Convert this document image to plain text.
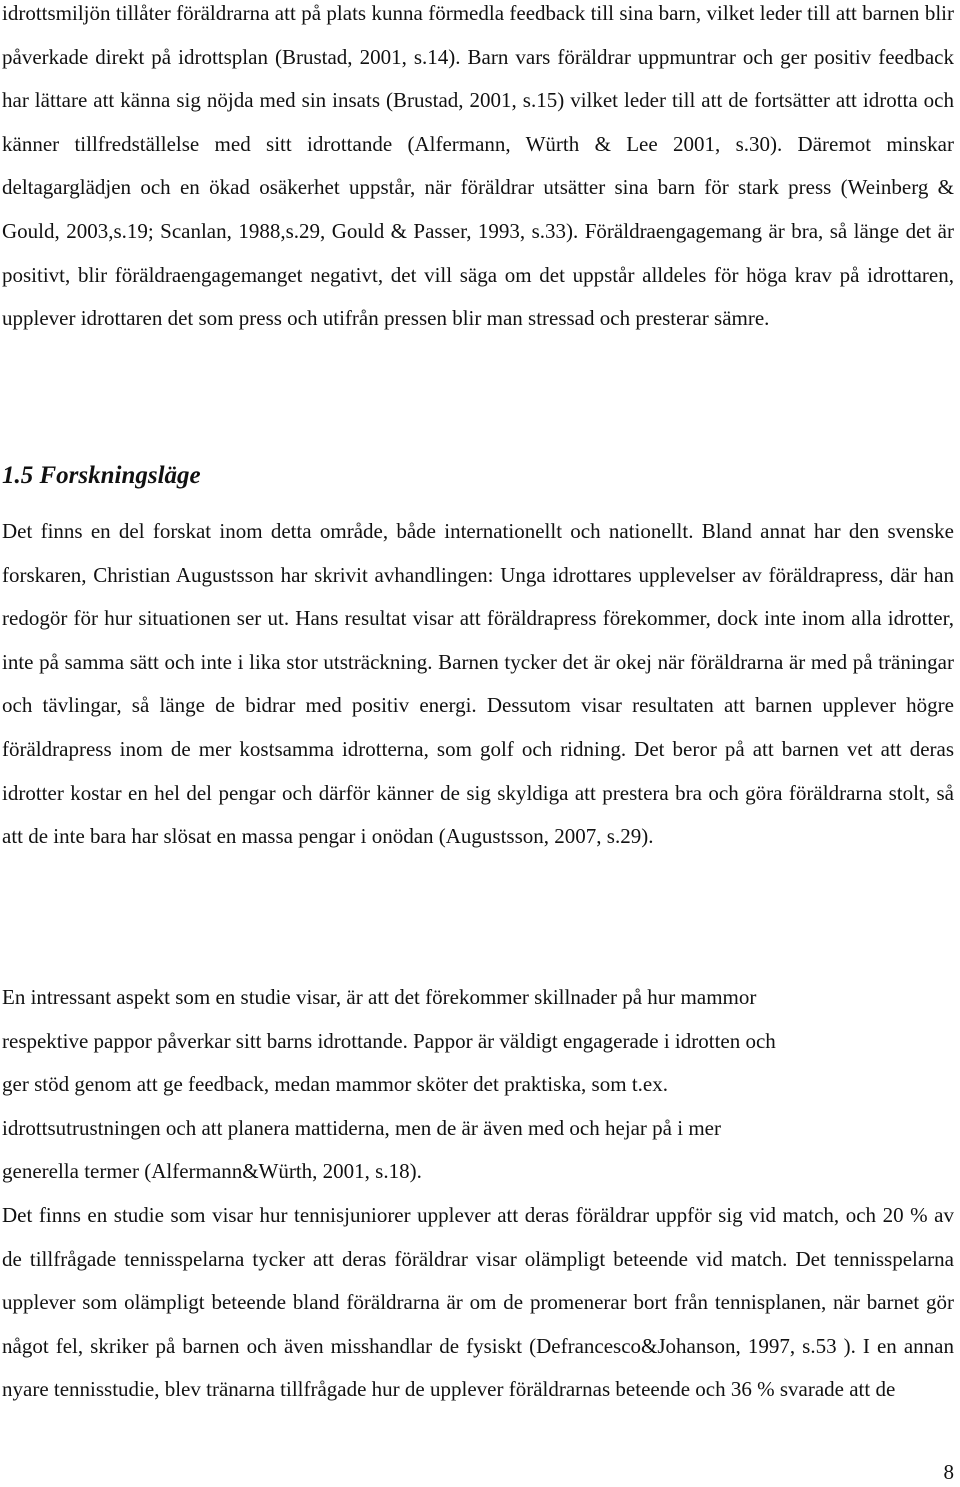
idrottsmiljön tillåter föräldrarna att på plats kunna förmedla feedback till sina barn, vilket leder till att barnen blir påverkade direkt på idrottsplan (Brustad, 2001, s.14). Barn vars föräldrar uppmuntrar och ger positiv feedback har lättare att känna sig nöjda med sin insats (Brustad, 2001, s.15) vilket leder till att de fortsätter att idrotta och känner tillfredställelse med sitt idrottande (Alfermann, Würth & Lee 2001, s.30). Däremot minskar deltagarglädjen och en ökad osäkerhet uppstår, när föräldrar utsätter sina barn för stark press (Weinberg & Gould, 2003,s.19; Scanlan, 1988,s.29, Gould & Passer, 1993, s.33). Föräldraengagemang är bra, så länge det är positivt, blir föräldraengagemanget negativt, det vill säga om det uppstår alldeles för höga krav på idrottaren, upplever idrottaren det som press och utifrån pressen blir man stressad och presterar sämre.

1.5 Forskningsläge

Det finns en del forskat inom detta område, både internationellt och nationellt. Bland annat har den svenske forskaren, Christian Augustsson har skrivit avhandlingen: Unga idrottares upplevelser av föräldrapress, där han redogör för hur situationen ser ut. Hans resultat visar att föräldrapress förekommer, dock inte inom alla idrotter, inte på samma sätt och inte i lika stor utsträckning. Barnen tycker det är okej när föräldrarna är med på träningar och tävlingar, så länge de bidrar med positiv energi. Dessutom visar resultaten att barnen upplever högre föräldrapress inom de mer kostsamma idrotterna, som golf och ridning. Det beror på att barnen vet att deras idrotter kostar en hel del pengar och därför känner de sig skyldiga att prestera bra och göra föräldrarna stolt, så att de inte bara har slösat en massa pengar i onödan (Augustsson, 2007, s.29).

En intressant aspekt som en studie visar, är att det förekommer skillnader på hur mammor
respektive pappor påverkar sitt barns idrottande. Pappor är väldigt engagerade i idrotten och
ger stöd genom att ge feedback, medan mammor sköter det praktiska, som t.ex.
idrottsutrustningen och att planera mattiderna, men de är även med och hejar på i mer
generella termer (Alfermann&Würth, 2001, s.18).

Det finns en studie som visar hur tennisjuniorer upplever att deras föräldrar uppför sig vid match, och 20 % av de tillfrågade tennisspelarna tycker att deras föräldrar visar olämpligt beteende vid match. Det tennisspelarna upplever som olämpligt beteende bland föräldrarna är om de promenerar bort från tennisplanen, när barnet gör något fel, skriker på barnen och även misshandlar de fysiskt (Defrancesco&Johanson, 1997, s.53 ). I en annan nyare tennisstudie, blev tränarna tillfrågade hur de upplever föräldrarnas beteende och 36 % svarade att de

8
